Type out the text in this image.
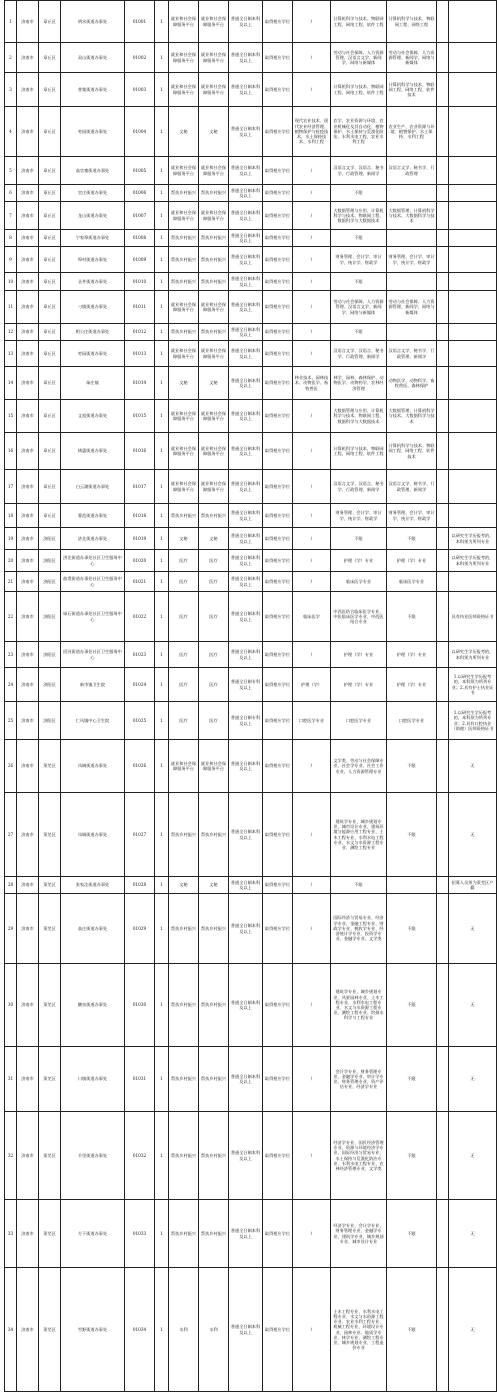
1	济南市	章丘区	明水街道办事处	01001	1	就业和社会保障服务平台	就业和社会保障服务平台	普通全日制本科及以上	取得相应学位	/	计算机科学与技术、物联网工程、网络工程、软件工程	计算机科学与技术、物联网工程、网络工程		
2	济南市	章丘区	双山街道办事处	01002	1	就业和社会保障服务平台	就业和社会保障服务平台	普通全日制本科及以上	取得相应学位	/	劳动与社会保障、人力资源管理、汉语言文学、新闻学、网络与新媒体	劳动与社会保障、人力资源管理、新闻学、网络与新媒体		
3	济南市	章丘区	普集街道办事处	01003	1	就业和社会保障服务平台	就业和社会保障服务平台	普通全日制本科及以上	取得相应学位	/	计算机科学与技术、物联网工程、网络工程、软件工程	计算机科学与技术、物联网工程、网络工程、软件技术		
4	济南市	章丘区	枣园街道办事处	01004	1	文秘	文秘	普通全日制本科及以上	取得相应学位	现代农业技术、现代农业经济管理、植物保护与检疫技术、水土保持技术、水利工程	农学、农业资源与环境、农业机械化及其自动化、植物保护、水土保持与荒漠化防治、水利水电工程、农业水利工程	农业生产、农业资源与环境、植物保护、水土保持、水利工程		
5	济南市	章丘区	高官寨街道办事处	01005	1	就业和社会保障服务平台	就业和社会保障服务平台	普通全日制本科及以上	取得相应学位	/	汉语言文学、汉语言、秘书学、行政管理、新闻学	汉语言文学、秘书学、行政管理		
6	济南市	章丘区	官庄街道办事处	01006	1	帮扶乡村振兴	帮扶乡村振兴	普通全日制本科及以上	取得相应学位	/	不限			
7	济南市	章丘区	龙山街道办事处	01007	1	就业和社会保障服务平台	就业和社会保障服务平台	普通全日制本科及以上	取得相应学位	/	大数据管理与应用、计算机科学与技术、物联网工程、数据科学与大数据技术	大数据管理、计算机科学与技术、大数据科学与技术		
8	济南市	章丘区	宁家埠街道办事处	01008	1	帮扶乡村振兴	帮扶乡村振兴	普通全日制本科及以上	取得相应学位	/	不限			
9	济南市	章丘区	埠村街道办事处	01009	1	帮扶乡村振兴	帮扶乡村振兴	普通全日制本科及以上	取得相应学位	/	财务管理、会计学、审计学、统计学、财政学	财务管理、会计学、审计学、统计学、财政学		
10	济南市	章丘区	圣井街道办事处	01010	1	帮扶乡村振兴	帮扶乡村振兴	普通全日制本科及以上	取得相应学位	/	不限			
11	济南市	章丘区	刁镇街道办事处	01011	1	就业和社会保障服务平台	就业和社会保障服务平台	普通全日制本科及以上	取得相应学位	/	劳动与社会保障、人力资源管理、汉语言文学、新闻学、网络与新媒体	劳动与社会保障、人力资源管理、新闻学、网络与新媒体		
12	济南市	章丘区	相公庄街道办事处	01012	1	帮扶乡村振兴	帮扶乡村振兴	普通全日制本科及以上	取得相应学位	/	不限			
13	济南市	章丘区	枣园街道办事处	01013	1	就业和社会保障服务平台	就业和社会保障服务平台	普通全日制本科及以上	取得相应学位	/	汉语言文学、汉语言、秘书学、行政管理、新闻学	汉语言文学、秘书学、行政管理、新闻学		
14	济南市	章丘区	垛庄镇	01014	1	文秘	文秘	普通全日制本科及以上	取得相应学位	林业技术、园林技术、动物医学、畜牧兽医	林学、园林、森林保护、动物医学、动物药学、农林经济管理	动物医学、动物科学、畜牧兽医、森林保护		
15	济南市	章丘区	文祖街道办事处	01015	1	就业和社会保障服务平台	就业和社会保障服务平台	普通全日制本科及以上	取得相应学位	/	大数据管理与应用、计算机科学与技术、物联网工程、数据科学与大数据技术	大数据管理、计算机科学与技术、大数据科学与技术		
16	济南市	章丘区	绣惠街道办事处	01016	1	就业和社会保障服务平台	就业和社会保障服务平台	普通全日制本科及以上	取得相应学位	/	计算机科学与技术、物联网工程、网络工程、软件工程	计算机科学与技术、物联网工程、网络工程、软件技术		
17	济南市	章丘区	白云湖街道办事处	01017	1	就业和社会保障服务平台	就业和社会保障服务平台	普通全日制本科及以上	取得相应学位	/	汉语言文学、汉语言、秘书学、行政管理、新闻学	汉语言文学、秘书学、行政管理、新闻学		
18	济南市	章丘区	曹范街道办事处	01018	1	帮扶乡村振兴	帮扶乡村振兴	普通全日制本科及以上	取得相应学位	/	财务管理、会计学、审计学、统计学、财政学	财务管理、会计学、审计学、统计学、财政学		
19	济南市	济阳区	济北街道办事处	01019	1	文秘	文秘	普通全日制本科及以上	取得相应学位	/	不限	不限		以研究生学历报考的，本科须为所列专业
20	济南市	济阳区	济北街道办事处社区卫生服务中心	01020	1	医疗	医疗	普通全日制本科及以上	取得相应学位	/	护理（学）专业	护理（学）专业		以研究生学历报考的，本科须为所列专业
21	济南市	济阳区	曲堤街道办事处社区卫生服务中心	01021	1	医疗	医疗	普通全日制本科及以上	取得相应学位	/	临床医学专业	临床医学专业		
22	济南市	济阳区	垛石街道办事处社区卫生服务中心	01022	1	医疗	医疗	普通全日制本科及以上	取得相应学位	临床医学	中西医结合临床医学专业、中医临床医学专业、中西医结合专业	不限		具有执业医师资格证书
23	济南市	济阳区	回河街道办事处社区卫生服务中心	01023	1	医疗	医疗	普通全日制本科及以上	取得相应学位	/	护理（学）专业	护理（学）专业		以研究生学历报考的，本科须为所列专业
24	济南市	济阳区	新市镇卫生院	01024	1	医疗	医疗	普通全日制专科及以上	取得相应学位	护理（学）	护理（学）专业	护理（学）专业		1.以研究生学历报考的，本科须为所列专业；2.具有护士执业证书
25	济南市	济阳区	仁风镇中心卫生院	01025	1	医疗	医疗	普通全日制专科及以上	取得相应学位	口腔医学专业	口腔医学专业	口腔医学专业		1.以研究生学历报考的，本科须为所列专业；2.具有口腔执业（助理）医师资格证书
26	济南市	莱芜区	凤城街道办事处	01026	1	就业和社会保障服务平台	就业和社会保障服务平台	普通全日制本科及以上	取得相应学位	/	文学类、劳动与社会保障专业、社会学专业、社会工作专业、人力资源管理专业	不限		无
27	济南市	莱芜区	凤城街道办事处	01027	1	帮扶乡村振兴	帮扶乡村振兴	普通全日制本科及以上	取得相应学位	/	建筑学专业、城乡规划专业、城市设计专业、建筑环境与能源应用工程专业、土木工程专业、水利水电工程专业、水文与水资源工程专业、测绘工程专业	不限		无
28	济南市	莱芜区	张家洼街道办事处	01028	1	文秘	文秘	普通全日制本科及以上	取得相应学位	/	不限			招募人员须为莱芜区户籍
29	济南市	莱芜区	高庄街道办事处	01029	1	帮扶乡村振兴	帮扶乡村振兴	普通全日制本科及以上	取得相应学位	/	国际经济与贸易专业、经济学专业、金融工程专业、财政学专业、税收学专业、经济统计学专业、投资学专业、金融学专业、文学类	不限		无
30	济南市	莱芜区	鹏泉街道办事处	01030	1	帮扶乡村振兴	帮扶乡村振兴	普通全日制本科及以上	取得相应学位	/	建筑学专业、城乡规划专业、风景园林专业、土木工程专业、水利水电工程专业、水文与水资源工程专业、测绘工程专业、给排水科学与工程专业	不限		无
31	济南市	莱芜区	口镇街道办事处	01031	1	帮扶乡村振兴	帮扶乡村振兴	普通全日制本科及以上	取得相应学位	/	会计学专业、财务管理专业、金融学专业、审计学专业、财务管理专业、资产评估专业、经济学专业	不限		无
32	济南市	莱芜区	羊里街道办事处	01032	1	帮扶乡村振兴	帮扶乡村振兴	普通全日制本科及以上	取得相应学位	/	经济学专业、国民经济管理专业、资源与环境经济学专业、国际经济与贸易专业、水土保持与荒漠化防治专业、水利水电工程专业、农林经济管理专业、文学类	不限		无
33	济南市	莱芜区	方下街道办事处	01033	1	帮扶乡村振兴	帮扶乡村振兴	普通全日制本科及以上	取得相应学位	/	经济学专业、会计学专业、财务管理专业、金融学专业、建筑学专业、城乡规划专业、城市设计专业	不限		无
34	济南市	莱芜区	雪野街道办事处	01034	1	水利	水利	普通全日制本科及以上	取得相应学位	/	土木工程专业、水利水电工程专业、水文与水资源工程专业、农业水利工程专业、机械工程专业、环境设计专业、园林专业、地质学专业、林学专业、测绘工程专业、城乡规划专业、工程造价专业	不限		无
